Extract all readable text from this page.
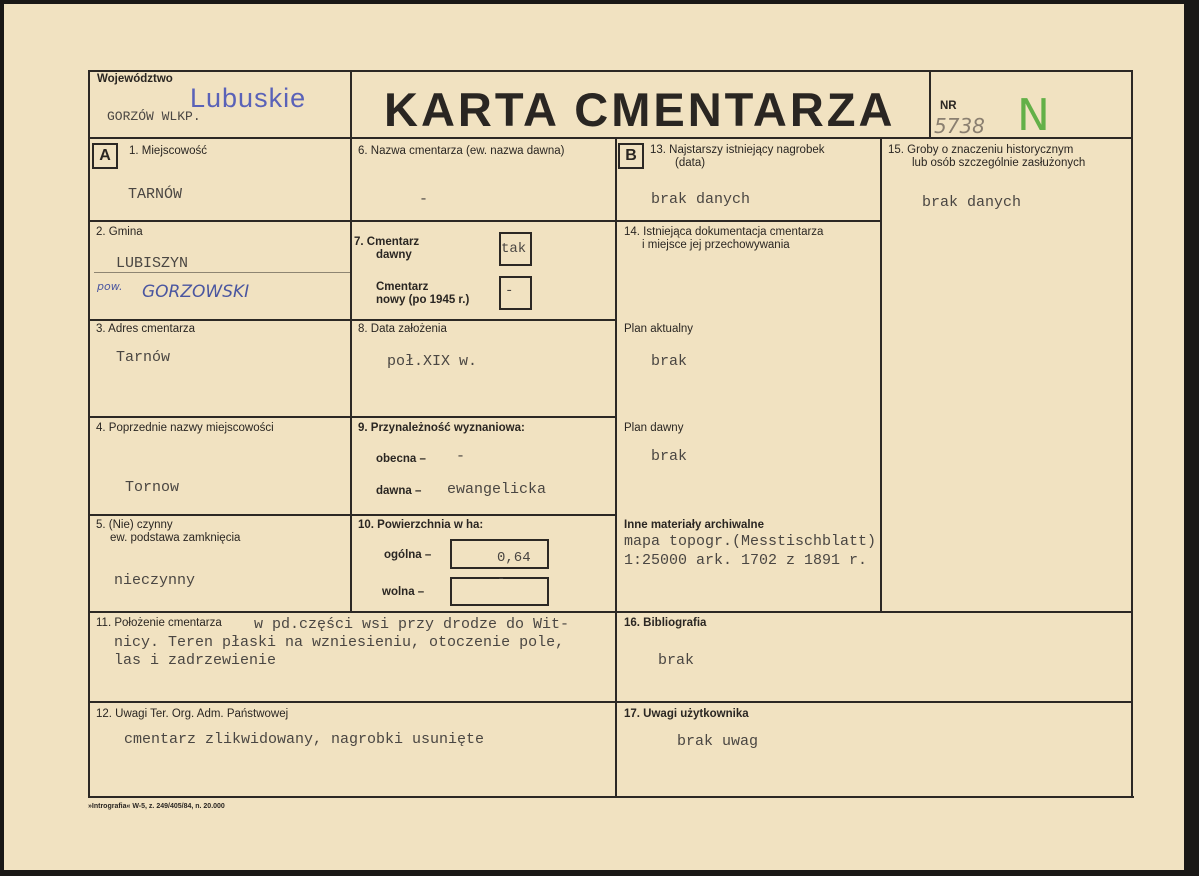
Województwo
Lubuskie
GORZÓW WLKP.	KARTA CMENTARZA	NR
5738 N
A	1. Miejscowość
TARNÓW
2. Gmina
LUBISZYN
pow. GORZOWSKI
3. Adres cmentarza
Tarnów
4. Poprzednie nazwy miejscowości
Tornow
5. (Nie) czynny
ew. podstawa zamknięcia
nieczynny
6. Nazwa cmentarza (ew. nazwa dawna)
-
7. Cmentarz
dawny	tak
Cmentarz
nowy (po 1945 r.)
-
8. Data założenia
poł.XIX w.
9. Przynależność wyznaniowa:
obecna – -
dawna – ewangelicka
10. Powierzchnia w ha:
ogólna –	0,64
wolna –
-
B	13. Najstarszy istniejący nagrobek
(data)
brak danych
14. Istniejąca dokumentacja cmentarza
i miejsce jej przechowywania
Plan aktualny
brak
Plan dawny
brak
Inne materiały archiwalne
mapa topogr.(Messtischblatt)
1:25000 ark. 1702 z 1891 r.
15. Groby o znaczeniu historycznym
lub osób szczególnie zasłużonych
brak danych
11. Położenie cmentarza w pd.części wsi przy drodze do Wit-
nicy. Teren płaski na wzniesieniu, otoczenie pole,
las i zadrzewienie
16. Bibliografia
brak
12. Uwagi Ter. Org. Adm. Państwowej
cmentarz zlikwidowany, nagrobki usunięte
17. Uwagi użytkownika
brak uwag
»Intrografia« W-5, z. 249/405/84, n. 20.000
